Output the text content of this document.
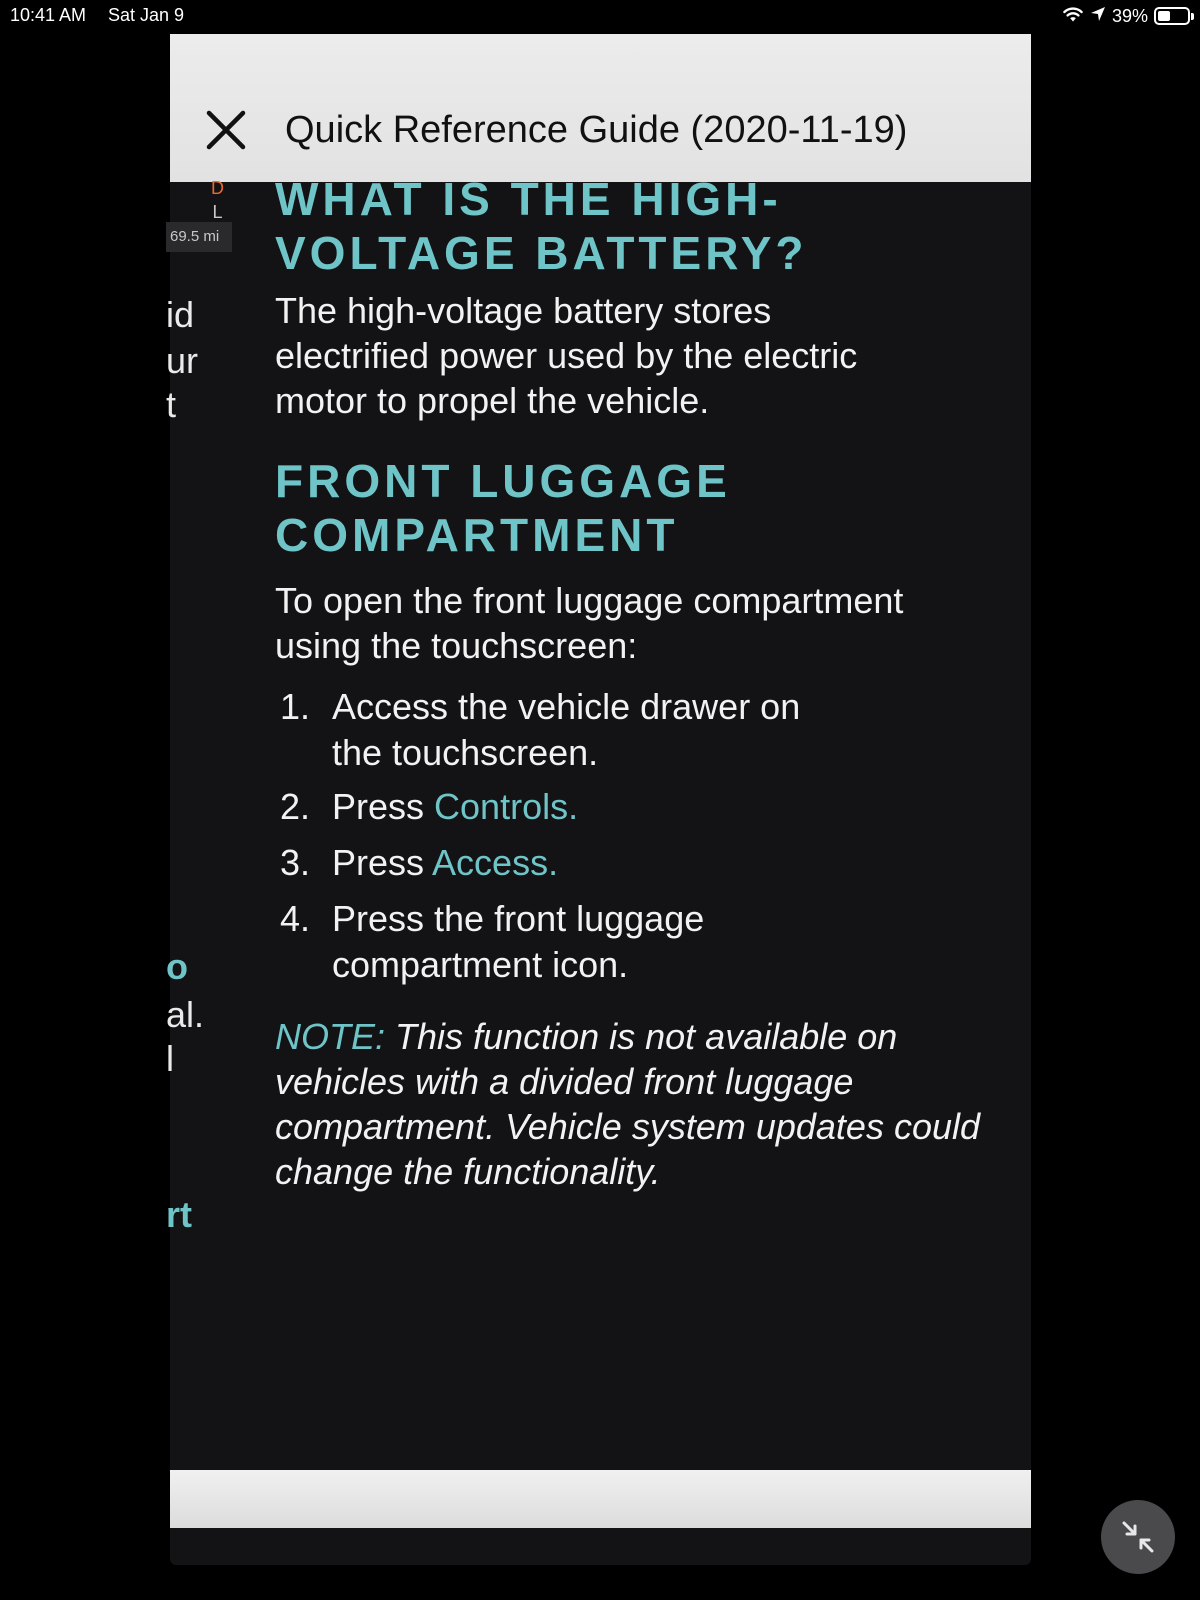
10:41 AM Sat Jan 9	39%
Quick Reference Guide (2020-11-19)
D
L
69.5 mi
id
ur
t
o
al.
l
rt

WHAT IS THE HIGH-

VOLTAGE BATTERY?

The high-voltage battery stores

electrified power used by the electric

motor to propel the vehicle.

FRONT LUGGAGE

COMPARTMENT

To open the front luggage compartment

using the touchscreen:

1. Access the vehicle drawer on
the touchscreen.
2. Press Controls.
3. Press Access.
4. Press the front luggage
compartment icon.
NOTE: This function is not available on
vehicles with a divided front luggage
compartment. Vehicle system updates could
change the functionality.
